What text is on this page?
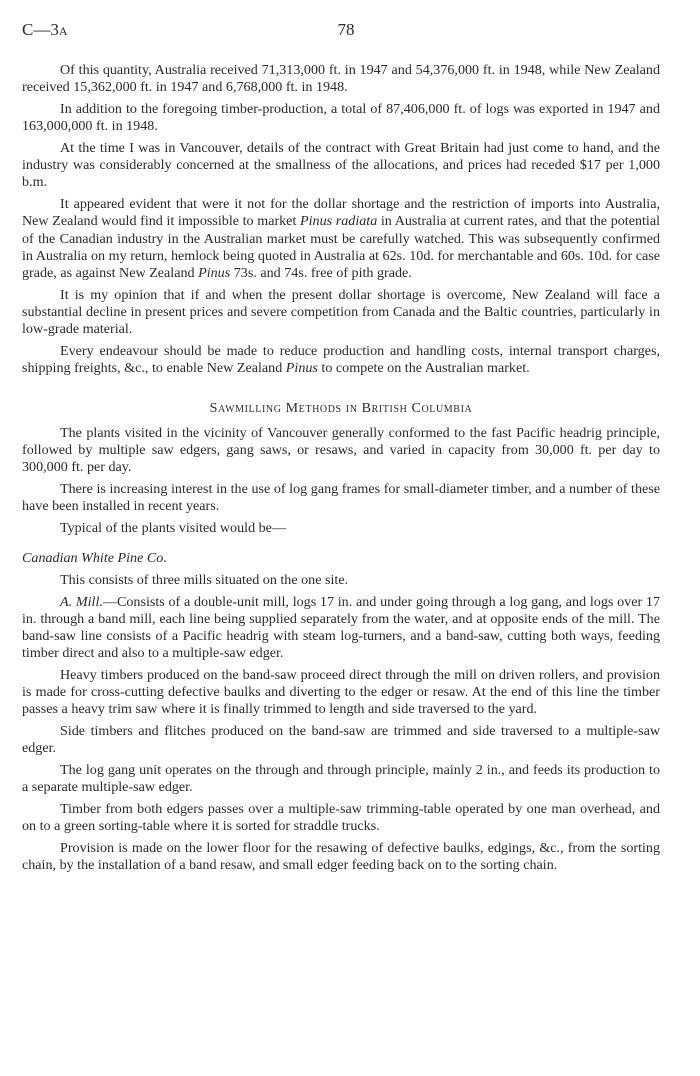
C—3A	78

Of this quantity, Australia received 71,313,000 ft. in 1947 and 54,376,000 ft. in 1948, while New Zealand received 15,362,000 ft. in 1947 and 6,768,000 ft. in 1948.

In addition to the foregoing timber-production, a total of 87,406,000 ft. of logs was exported in 1947 and 163,000,000 ft. in 1948.

At the time I was in Vancouver, details of the contract with Great Britain had just come to hand, and the industry was considerably concerned at the smallness of the allocations, and prices had receded $17 per 1,000 b.m.

It appeared evident that were it not for the dollar shortage and the restriction of imports into Australia, New Zealand would find it impossible to market Pinus radiata in Australia at current rates, and that the potential of the Canadian industry in the Australian market must be carefully watched. This was subsequently confirmed in Australia on my return, hemlock being quoted in Australia at 62s. 10d. for merchantable and 60s. 10d. for case grade, as against New Zealand Pinus 73s. and 74s. free of pith grade.

It is my opinion that if and when the present dollar shortage is overcome, New Zealand will face a substantial decline in present prices and severe competition from Canada and the Baltic countries, particularly in low-grade material.

Every endeavour should be made to reduce production and handling costs, internal transport charges, shipping freights, &c., to enable New Zealand Pinus to compete on the Australian market.

Sawmilling Methods in British Columbia

The plants visited in the vicinity of Vancouver generally conformed to the fast Pacific headrig principle, followed by multiple saw edgers, gang saws, or resaws, and varied in capacity from 30,000 ft. per day to 300,000 ft. per day.

There is increasing interest in the use of log gang frames for small-diameter timber, and a number of these have been installed in recent years.

Typical of the plants visited would be—

Canadian White Pine Co.

This consists of three mills situated on the one site.

A. Mill.—Consists of a double-unit mill, logs 17 in. and under going through a log gang, and logs over 17 in. through a band mill, each line being supplied separately from the water, and at opposite ends of the mill. The band-saw line consists of a Pacific headrig with steam log-turners, and a band-saw, cutting both ways, feeding timber direct and also to a multiple-saw edger.

Heavy timbers produced on the band-saw proceed direct through the mill on driven rollers, and provision is made for cross-cutting defective baulks and diverting to the edger or resaw. At the end of this line the timber passes a heavy trim saw where it is finally trimmed to length and side traversed to the yard.

Side timbers and flitches produced on the band-saw are trimmed and side traversed to a multiple-saw edger.

The log gang unit operates on the through and through principle, mainly 2 in., and feeds its production to a separate multiple-saw edger.

Timber from both edgers passes over a multiple-saw trimming-table operated by one man overhead, and on to a green sorting-table where it is sorted for straddle trucks.

Provision is made on the lower floor for the resawing of defective baulks, edgings, &c., from the sorting chain, by the installation of a band resaw, and small edger feeding back on to the sorting chain.
